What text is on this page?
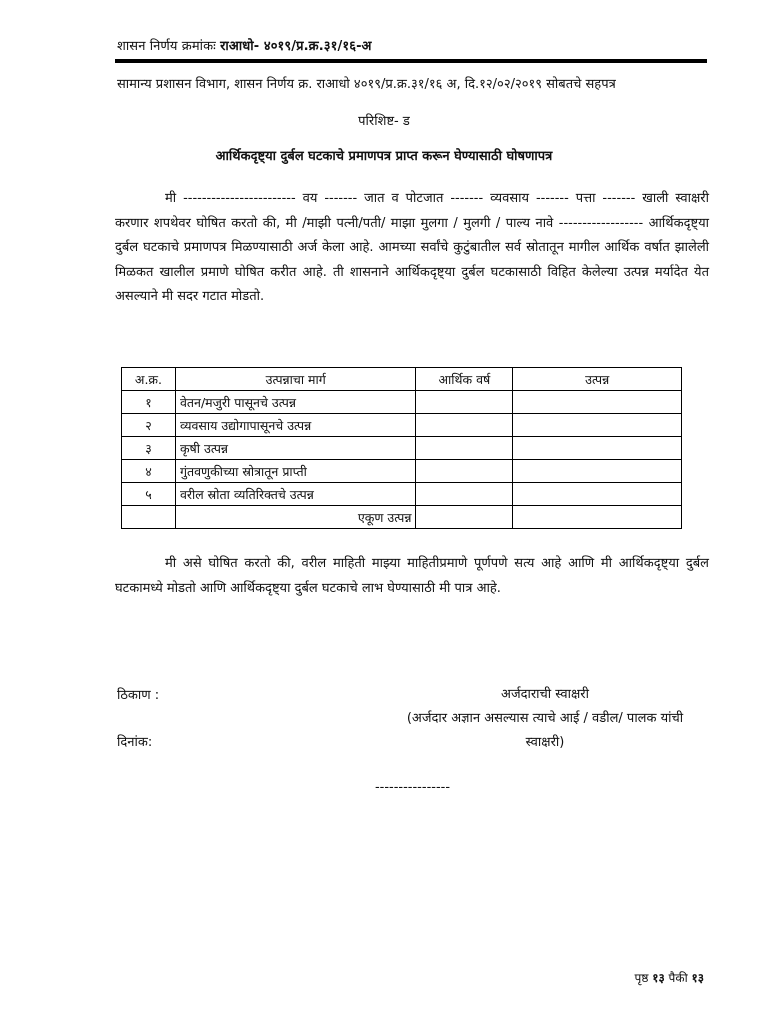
शासन निर्णय क्रमांकः राआधो- ४०१९/प्र.क्र.३१/१६-अ
सामान्य प्रशासन विभाग, शासन निर्णय क्र. राआधो ४०१९/प्र.क्र.३१/१६ अ, दि.१२/०२/२०१९ सोबतचे सहपत्र
परिशिष्ट- ड
आर्थिकदृष्ट्या दुर्बल घटकाचे प्रमाणपत्र प्राप्त करून घेण्यासाठी घोषणापत्र
मी ------------------------ वय ------- जात व पोटजात ------- व्यवसाय ------- पत्ता ------- खाली स्वाक्षरी करणार शपथेवर घोषित करतो की, मी /माझी पत्नी/पती/ माझा मुलगा / मुलगी / पाल्य नावे ------------------ आर्थिकदृष्ट्या दुर्बल घटकाचे प्रमाणपत्र मिळण्यासाठी अर्ज केला आहे. आमच्या सर्वांचे कुटुंबातील सर्व स्रोतातून मागील आर्थिक वर्षात झालेली मिळकत खालील प्रमाणे घोषित करीत आहे. ती शासनाने आर्थिकदृष्ट्या दुर्बल घटकासाठी विहित केलेल्या उत्पन्न मर्यादेत येत असल्याने मी सदर गटात मोडतो.
अ.क्र.	उत्पन्नाचा मार्ग	आर्थिक वर्ष	उत्पन्न
१	वेतन/मजुरी पासूनचे उत्पन्न		
२	व्यवसाय उद्योगापासूनचे उत्पन्न		
३	कृषी उत्पन्न		
४	गुंतवणुकीच्या स्रोत्रातून प्राप्ती		
५	वरील स्रोता व्यतिरिक्तचे उत्पन्न		
	एकूण उत्पन्न		
मी असे घोषित करतो की, वरील माहिती माझ्या माहितीप्रमाणे पूर्णपणे सत्य आहे आणि मी आर्थिकदृष्ट्या दुर्बल घटकामध्ये मोडतो आणि आर्थिकदृष्ट्या दुर्बल घटकाचे लाभ घेण्यासाठी मी पात्र आहे.
ठिकाण :
दिनांक:
अर्जदाराची स्वाक्षरी
(अर्जदार अज्ञान असल्यास त्याचे आई / वडील/ पालक यांची स्वाक्षरी)
----------------
पृष्ठ १३ पैकी १३
